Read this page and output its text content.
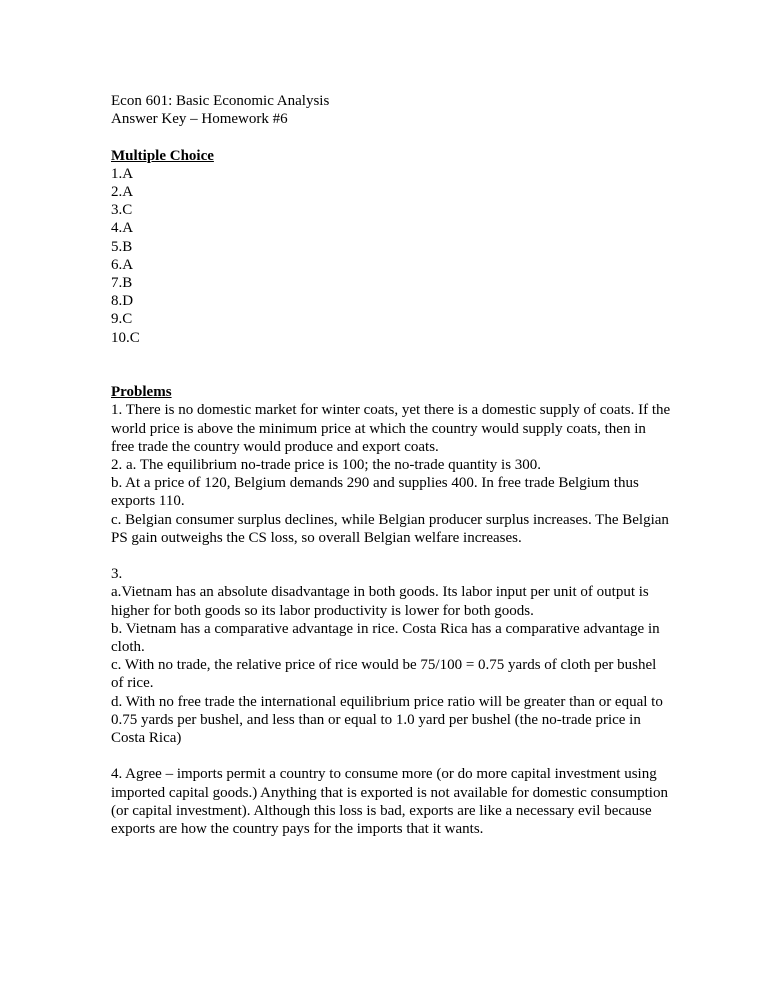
Econ 601: Basic Economic Analysis

Answer Key – Homework #6

Multiple Choice

1.A
2.A
3.C
4.A
5.B
6.A
7.B
8.D
9.C
10.C

Problems

1. There is no domestic market for winter coats, yet there is a domestic supply of coats. If the world price is above the minimum price at which the country would supply coats, then in free trade the country would produce and export coats.

2. a. The equilibrium no-trade price is 100; the no-trade quantity is 300.

b. At a price of 120, Belgium demands 290 and supplies 400. In free trade Belgium thus exports 110.

c. Belgian consumer surplus declines, while Belgian producer surplus increases. The Belgian PS gain outweighs the CS loss, so overall Belgian welfare increases.

3.

a.Vietnam has an absolute disadvantage in both goods. Its labor input per unit of output is higher for both goods so its labor productivity is lower for both goods.

b. Vietnam has a comparative advantage in rice. Costa Rica has a comparative advantage in cloth.

c. With no trade, the relative price of rice would be 75/100 = 0.75 yards of cloth per bushel of rice.

d. With no free trade the international equilibrium price ratio will be greater than or equal to 0.75 yards per bushel, and less than or equal to 1.0 yard per bushel (the no-trade price in Costa Rica)

4. Agree – imports permit a country to consume more (or do more capital investment using imported capital goods.) Anything that is exported is not available for domestic consumption (or capital investment). Although this loss is bad, exports are like a necessary evil because exports are how the country pays for the imports that it wants.
